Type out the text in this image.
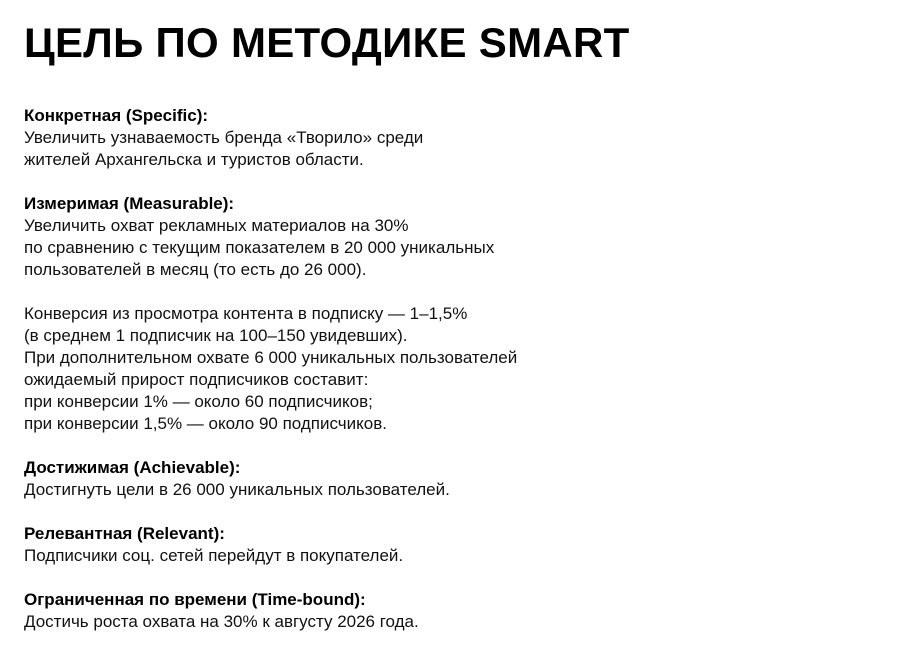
ЦЕЛЬ ПО МЕТОДИКЕ SMART
Конкретная (Specific):
Увеличить узнаваемость бренда «Творило» среди
жителей Архангельска и туристов области.
Измеримая (Measurable):
Увеличить охват рекламных материалов на 30%
по сравнению с текущим показателем в 20 000 уникальных
пользователей в месяц (то есть до 26 000).
Конверсия из просмотра контента в подписку — 1–1,5%
(в среднем 1 подписчик на 100–150 увидевших).
При дополнительном охвате 6 000 уникальных пользователей
ожидаемый прирост подписчиков составит:
при конверсии 1% — около 60 подписчиков;
при конверсии 1,5% — около 90 подписчиков.
Достижимая (Achievable):
Достигнуть цели в 26 000 уникальных пользователей.
Релевантная (Relevant):
Подписчики соц. сетей перейдут в покупателей.
Ограниченная по времени (Time-bound):
Достичь роста охвата на 30% к августу 2026 года.
